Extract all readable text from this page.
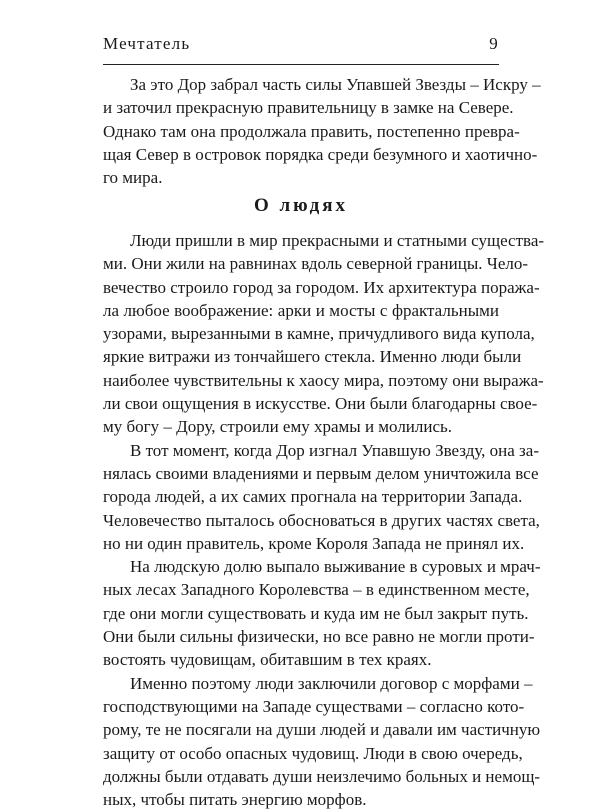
Мечтатель	9
За это Дор забрал часть силы Упавшей Звезды – Искру –
и заточил прекрасную правительницу в замке на Севере.
Однако там она продолжала править, постепенно превра-
щая Север в островок порядка среди безумного и хаотично-
го мира.
О людях
Люди пришли в мир прекрасными и статными существа-
ми. Они жили на равнинах вдоль северной границы. Чело-
вечество строило город за городом. Их архитектура поража-
ла любое воображение: арки и мосты с фрактальными
узорами, вырезанными в камне, причудливого вида купола,
яркие витражи из тончайшего стекла. Именно люди были
наиболее чувствительны к хаосу мира, поэтому они выража-
ли свои ощущения в искусстве. Они были благодарны свое-
му богу – Дору, строили ему храмы и молились.
В тот момент, когда Дор изгнал Упавшую Звезду, она за-
нялась своими владениями и первым делом уничтожила все
города людей, а их самих прогнала на территории Запада.
Человечество пыталось обосноваться в других частях света,
но ни один правитель, кроме Короля Запада не принял их.
На людскую долю выпало выживание в суровых и мрач-
ных лесах Западного Королевства – в единственном месте,
где они могли существовать и куда им не был закрыт путь.
Они были сильны физически, но все равно не могли проти-
востоять чудовищам, обитавшим в тех краях.
Именно поэтому люди заключили договор с морфами –
господствующими на Западе существами – согласно кото-
рому, те не посягали на души людей и давали им частичную
защиту от особо опасных чудовищ. Люди в свою очередь,
должны были отдавать души неизлечимо больных и немощ-
ных, чтобы питать энергию морфов.
